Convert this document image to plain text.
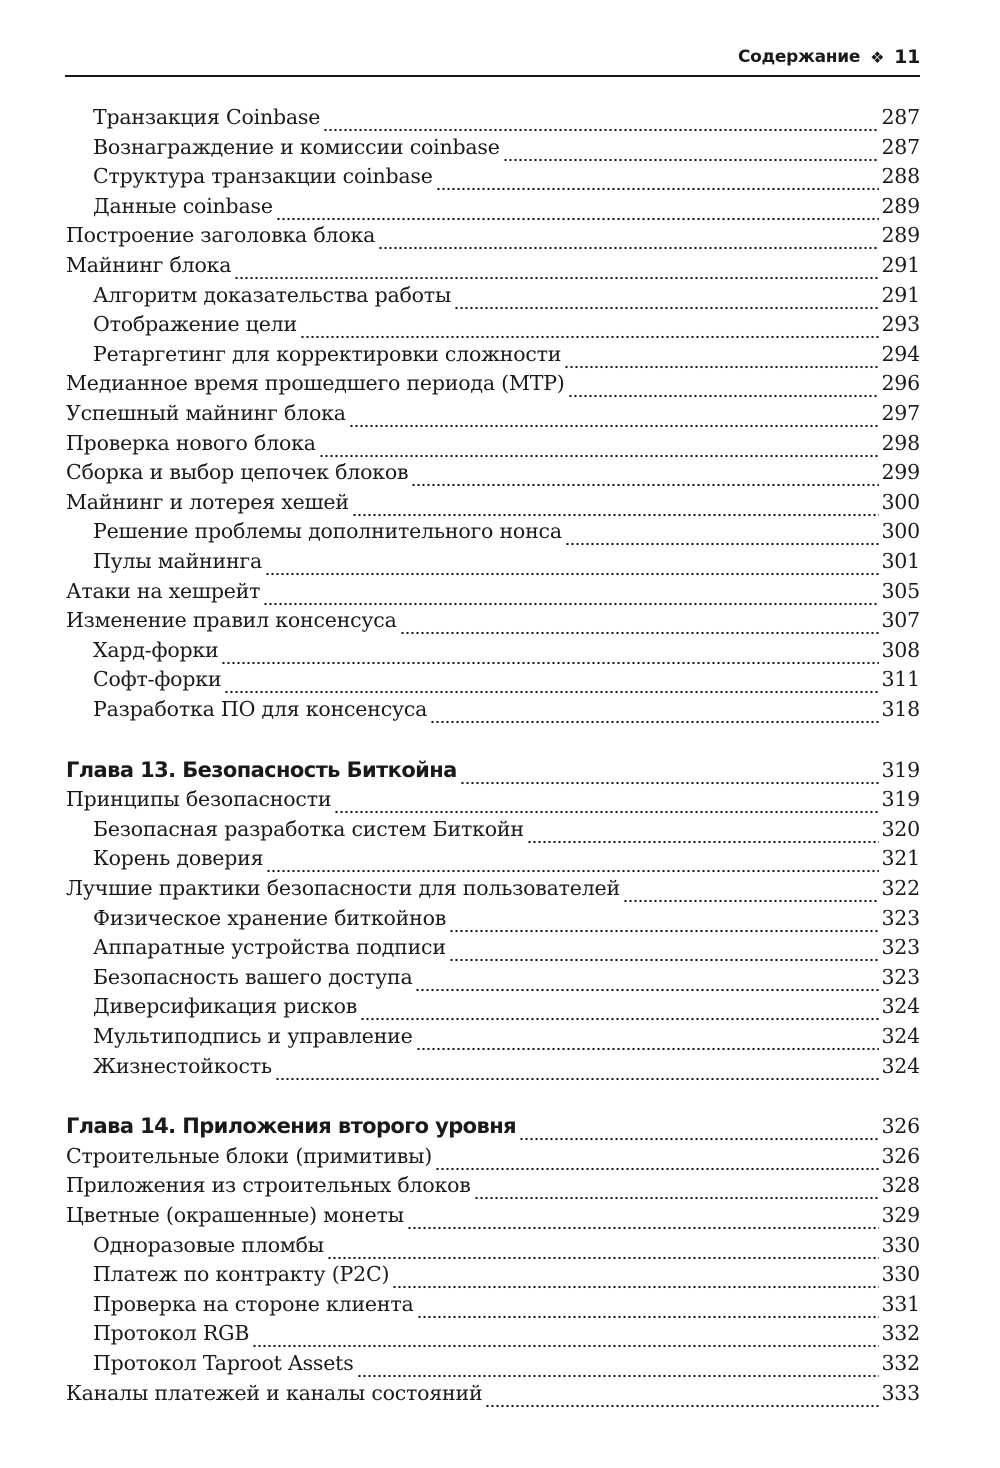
Содержание ❖ 11
Транзакция Coinbase	287
Вознаграждение и комиссии coinbase	287
Структура транзакции coinbase	288
Данные coinbase	289
Построение заголовка блока	289
Майнинг блока	291
Алгоритм доказательства работы	291
Отображение цели	293
Ретаргетинг для корректировки сложности	294
Медианное время прошедшего периода (MTP)	296
Успешный майнинг блока	297
Проверка нового блока	298
Сборка и выбор цепочек блоков	299
Майнинг и лотерея хешей	300
Решение проблемы дополнительного нонса	300
Пулы майнинга	301
Атаки на хешрейт	305
Изменение правил консенсуса	307
Хард-форки	308
Софт-форки	311
Разработка ПО для консенсуса	318
Глава 13. Безопасность Биткойна	319
Принципы безопасности	319
Безопасная разработка систем Биткойн	320
Корень доверия	321
Лучшие практики безопасности для пользователей	322
Физическое хранение биткойнов	323
Аппаратные устройства подписи	323
Безопасность вашего доступа	323
Диверсификация рисков	324
Мультиподпись и управление	324
Жизнестойкость	324
Глава 14. Приложения второго уровня	326
Строительные блоки (примитивы)	326
Приложения из строительных блоков	328
Цветные (окрашенные) монеты	329
Одноразовые пломбы	330
Платеж по контракту (P2C)	330
Проверка на стороне клиента	331
Протокол RGB	332
Протокол Taproot Assets	332
Каналы платежей и каналы состояний	333
